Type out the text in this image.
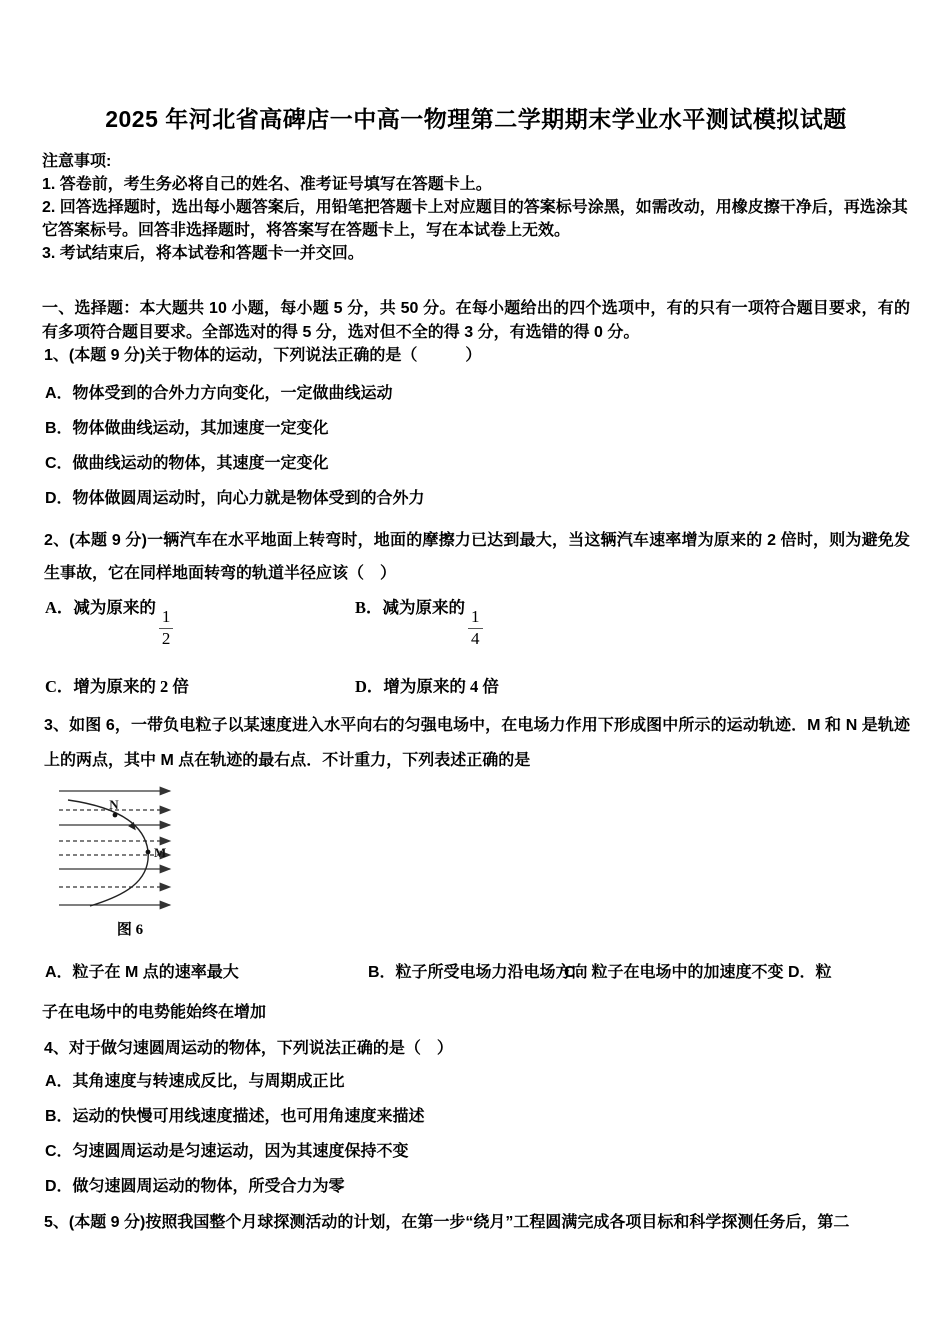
2025 年河北省高碑店一中高一物理第二学期期末学业水平测试模拟试题

注意事项:

1. 答卷前，考生务必将自己的姓名、准考证号填写在答题卡上。

2. 回答选择题时，选出每小题答案后，用铅笔把答题卡上对应题目的答案标号涂黑，如需改动，用橡皮擦干净后，再选涂其它答案标号。回答非选择题时，将答案写在答题卡上，写在本试卷上无效。

3. 考试结束后，将本试卷和答题卡一并交回。

一、选择题：本大题共 10 小题，每小题 5 分，共 50 分。在每小题给出的四个选项中，有的只有一项符合题目要求，有的有多项符合题目要求。全部选对的得 5 分，选对但不全的得 3 分，有选错的得 0 分。

1、(本题 9 分)关于物体的运动，下列说法正确的是（　　　）

A．物体受到的合外力方向变化，一定做曲线运动

B．物体做曲线运动，其加速度一定变化

C．做曲线运动的物体，其速度一定变化

D．物体做圆周运动时，向心力就是物体受到的合外力

2、(本题 9 分)一辆汽车在水平地面上转弯时，地面的摩擦力已达到最大，当这辆汽车速率增为原来的 2 倍时，则为避免发生事故，它在同样地面转弯的轨道半径应该（　）

A．减为原来的
$\frac{1}{2}$
B．减为原来的
$\frac{1}{4}$
C．增为原来的 2 倍	D．增为原来的 4 倍

3、如图 6，一带负电粒子以某速度进入水平向右的匀强电场中，在电场力作用下形成图中所示的运动轨迹．M 和 N 是轨迹上的两点，其中 M 点在轨迹的最右点．不计重力，下列表述正确的是

N
M

图 6

A．粒子在 M 点的速率最大	B．粒子所受电场力沿电场方向
C．粒子在电场中的加速度不变 D．粒

子在电场中的电势能始终在增加

4、对于做匀速圆周运动的物体，下列说法正确的是（　）

A．其角速度与转速成反比，与周期成正比

B．运动的快慢可用线速度描述，也可用角速度来描述

C．匀速圆周运动是匀速运动，因为其速度保持不变

D．做匀速圆周运动的物体，所受合力为零

5、(本题 9 分)按照我国整个月球探测活动的计划，在第一步“绕月”工程圆满完成各项目标和科学探测任务后，第二
